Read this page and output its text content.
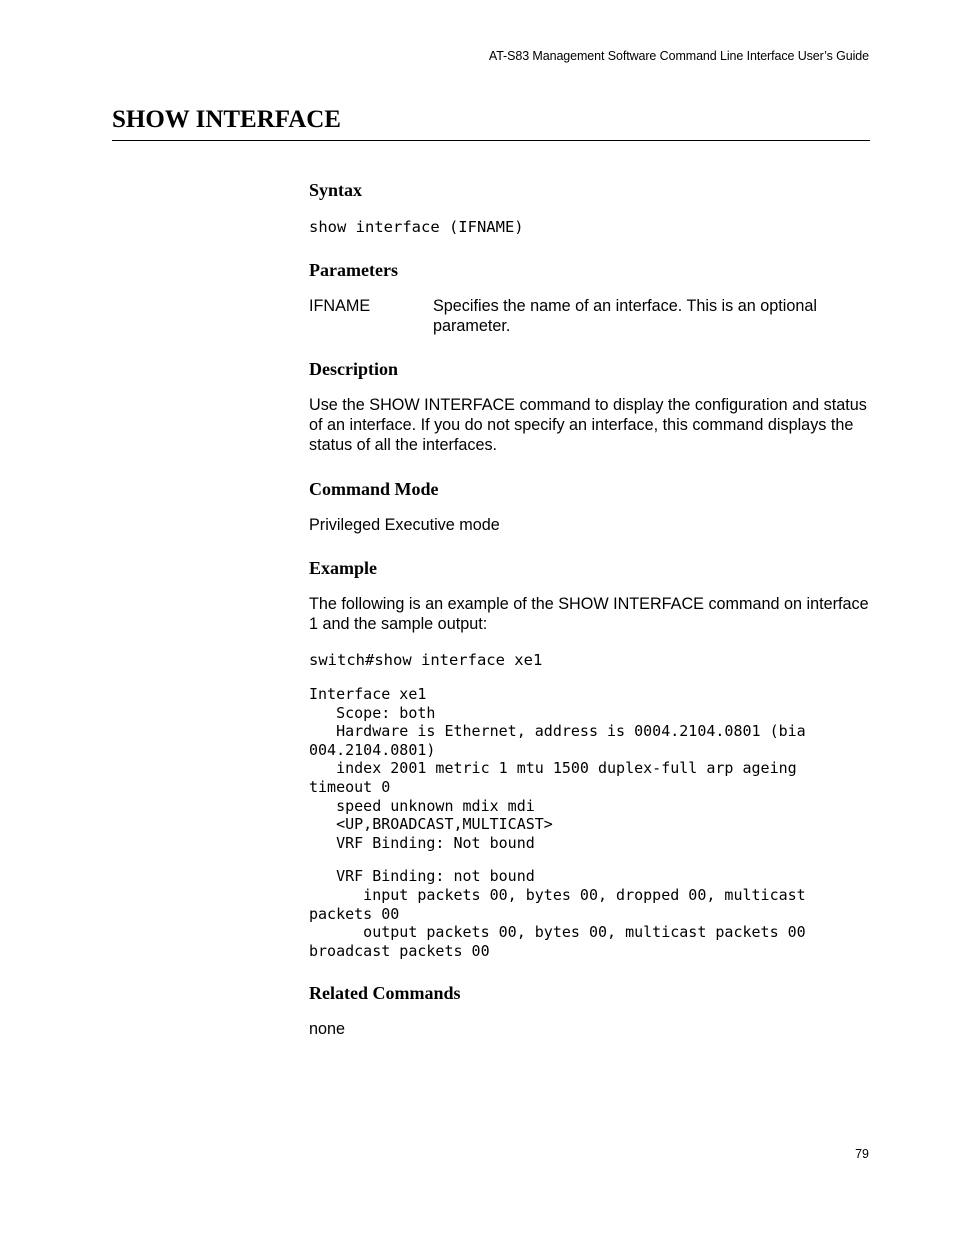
AT-S83 Management Software Command Line Interface User’s Guide
SHOW INTERFACE
Syntax

show interface (IFNAME)

Parameters
IFNAME	Specifies the name of an interface. This is an optional parameter.
Description

Use the SHOW INTERFACE command to display the configuration and status of an interface. If you do not specify an interface, this command displays the status of all the interfaces.

Command Mode

Privileged Executive mode

Example

The following is an example of the SHOW INTERFACE command on interface 1 and the sample output:

switch#show interface xe1

Interface xe1
Scope: both
Hardware is Ethernet, address is 0004.2104.0801 (bia
004.2104.0801)
index 2001 metric 1 mtu 1500 duplex-full arp ageing
timeout 0
speed unknown mdix mdi
<UP,BROADCAST,MULTICAST>
VRF Binding: Not bound
VRF Binding: not bound
input packets 00, bytes 00, dropped 00, multicast
packets 00
output packets 00, bytes 00, multicast packets 00
broadcast packets 00
Related Commands

none

79
